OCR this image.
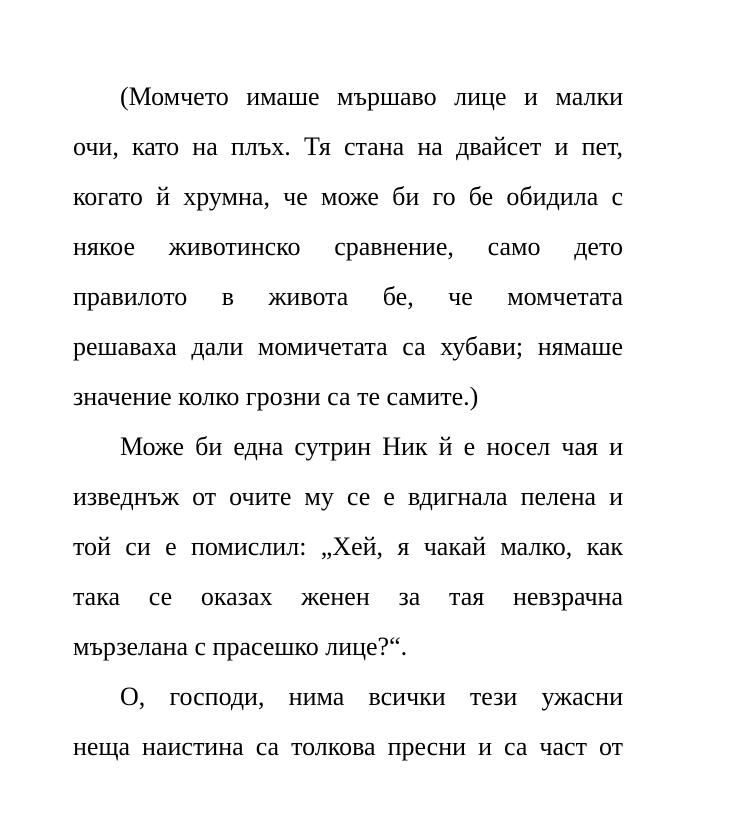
(Момчето имаше мършаво лице и малки
очи, като на плъх. Тя стана на двайсет и пет,
когато й хрумна, че може би го бе обидила с
някое животинско сравнение, само дето
правилото в живота бе, че момчетата
решаваха дали момичетата са хубави; нямаше
значение колко грозни са те самите.)
Може би една сутрин Ник й е носел чая и
изведнъж от очите му се е вдигнала пелена и
той си е помислил: „Хей, я чакай малко, как
така се оказах женен за тая невзрачна
мързелана с прасешко лице?“.
О, господи, нима всички тези ужасни
неща наистина са толкова пресни и са част от
